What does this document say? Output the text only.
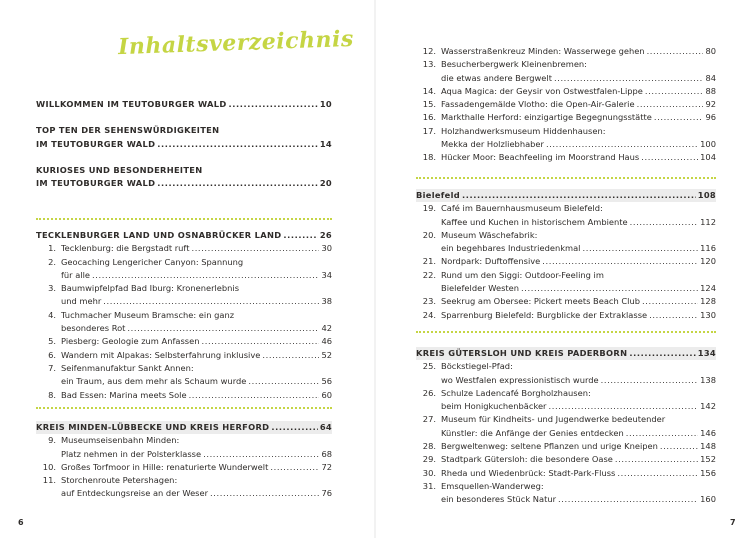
Inhaltsverzeichnis
WILLKOMMEN IM TEUTOBURGER WALD .....	10
TOP TEN DER SEHENSWÜRDIGKEITEN
IM TEUTOBURGER WALD .....	14
KURIOSES UND BESONDERHEITEN
IM TEUTOBURGER WALD .....	20
TECKLENBURGER LAND UND OSNABRÜCKER LAND .....	26
1. Tecklenburg: die Bergstadt ruft .....	30
2. Geocaching Lengericher Canyon: Spannung
für alle .....	34
3. Baumwipfelpfad Bad Iburg: Kronenerlebnis
und mehr .....	38
4. Tuchmacher Museum Bramsche: ein ganz
besonderes Rot .....	42
5. Piesberg: Geologie zum Anfassen .....	46
6. Wandern mit Alpakas: Selbsterfahrung inklusive .....	52
7. Seifenmanufaktur Sankt Annen:
ein Traum, aus dem mehr als Schaum wurde .....	56
8. Bad Essen: Marina meets Sole .....	60
KREIS MINDEN-LÜBBECKE UND KREIS HERFORD .....	64
9. Museumseisenbahn Minden:
Platz nehmen in der Polsterklasse .....	68
10. Großes Torfmoor in Hille: renaturierte Wunderwelt .....	72
11. Storchenroute Petershagen:
auf Entdeckungsreise an der Weser .....	76
6
12. Wasserstraßenkreuz Minden: Wasserwege gehen .....	80
13. Besucherbergwerk Kleinenbremen:
die etwas andere Bergwelt .....	84
14. Aqua Magica: der Geysir von Ostwestfalen-Lippe .....	88
15. Fassadengemälde Vlotho: die Open-Air-Galerie .....	92
16. Markthalle Herford: einzigartige Begegnungsstätte .....	96
17. Holzhandwerksmuseum Hiddenhausen:
Mekka der Holzliebhaber .....	100
18. Hücker Moor: Beachfeeling im Moorstrand Haus .....	104
Bielefeld .....	108
19. Café im Bauernhausmuseum Bielefeld:
Kaffee und Kuchen in historischem Ambiente .....	112
20. Museum Wäschefabrik:
ein begehbares Industriedenkmal .....	116
21. Nordpark: Duftoffensive .....	120
22. Rund um den Siggi: Outdoor-Feeling im
Bielefelder Westen .....	124
23. Seekrug am Obersee: Pickert meets Beach Club .....	128
24. Sparrenburg Bielefeld: Burgblicke der Extraklasse .....	130
KREIS GÜTERSLOH UND KREIS PADERBORN .....	134
25. Böckstiegel-Pfad:
wo Westfalen expressionistisch wurde .....	138
26. Schulze Ladencafé Borgholzhausen:
beim Honigkuchenbäcker .....	142
27. Museum für Kindheits- und Jugendwerke bedeutender
Künstler: die Anfänge der Genies entdecken .....	146
28. Bergweltenweg: seltene Pflanzen und urige Kneipen .....	148
29. Stadtpark Gütersloh: die besondere Oase .....	152
30. Rheda und Wiedenbrück: Stadt-Park-Fluss .....	156
31. Emsquellen-Wanderweg:
ein besonderes Stück Natur .....	160
7
